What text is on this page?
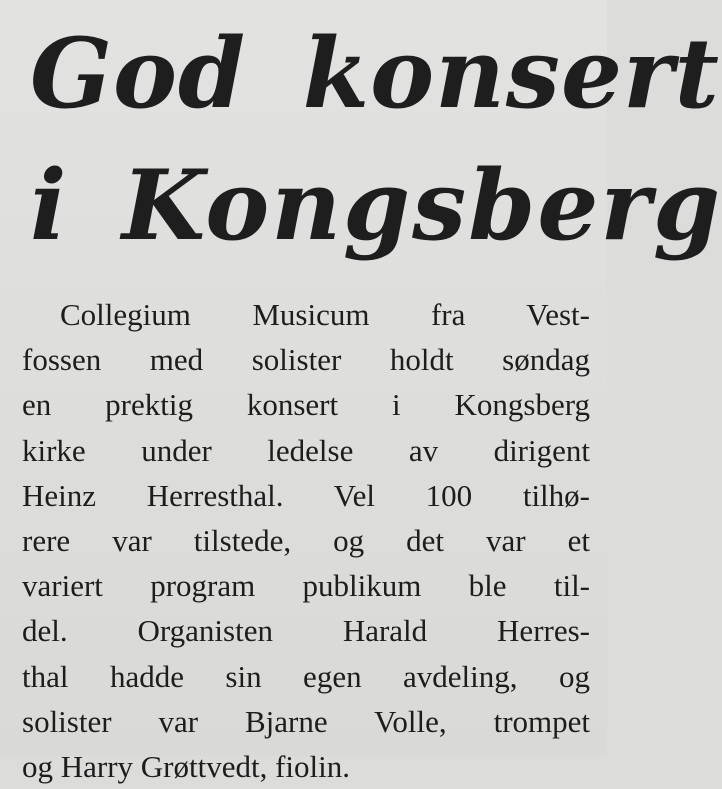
God konsert
i Kongsberg
Collegium Musicum fra Vest-
fossen med solister holdt søndag
en prektig konsert i Kongsberg
kirke under ledelse av dirigent
Heinz Herresthal. Vel 100 tilhø-
rere var tilstede, og det var et
variert program publikum ble til-
del. Organisten Harald Herres-
thal hadde sin egen avdeling, og
solister var Bjarne Volle, trompet
og Harry Grøttvedt, fiolin.
